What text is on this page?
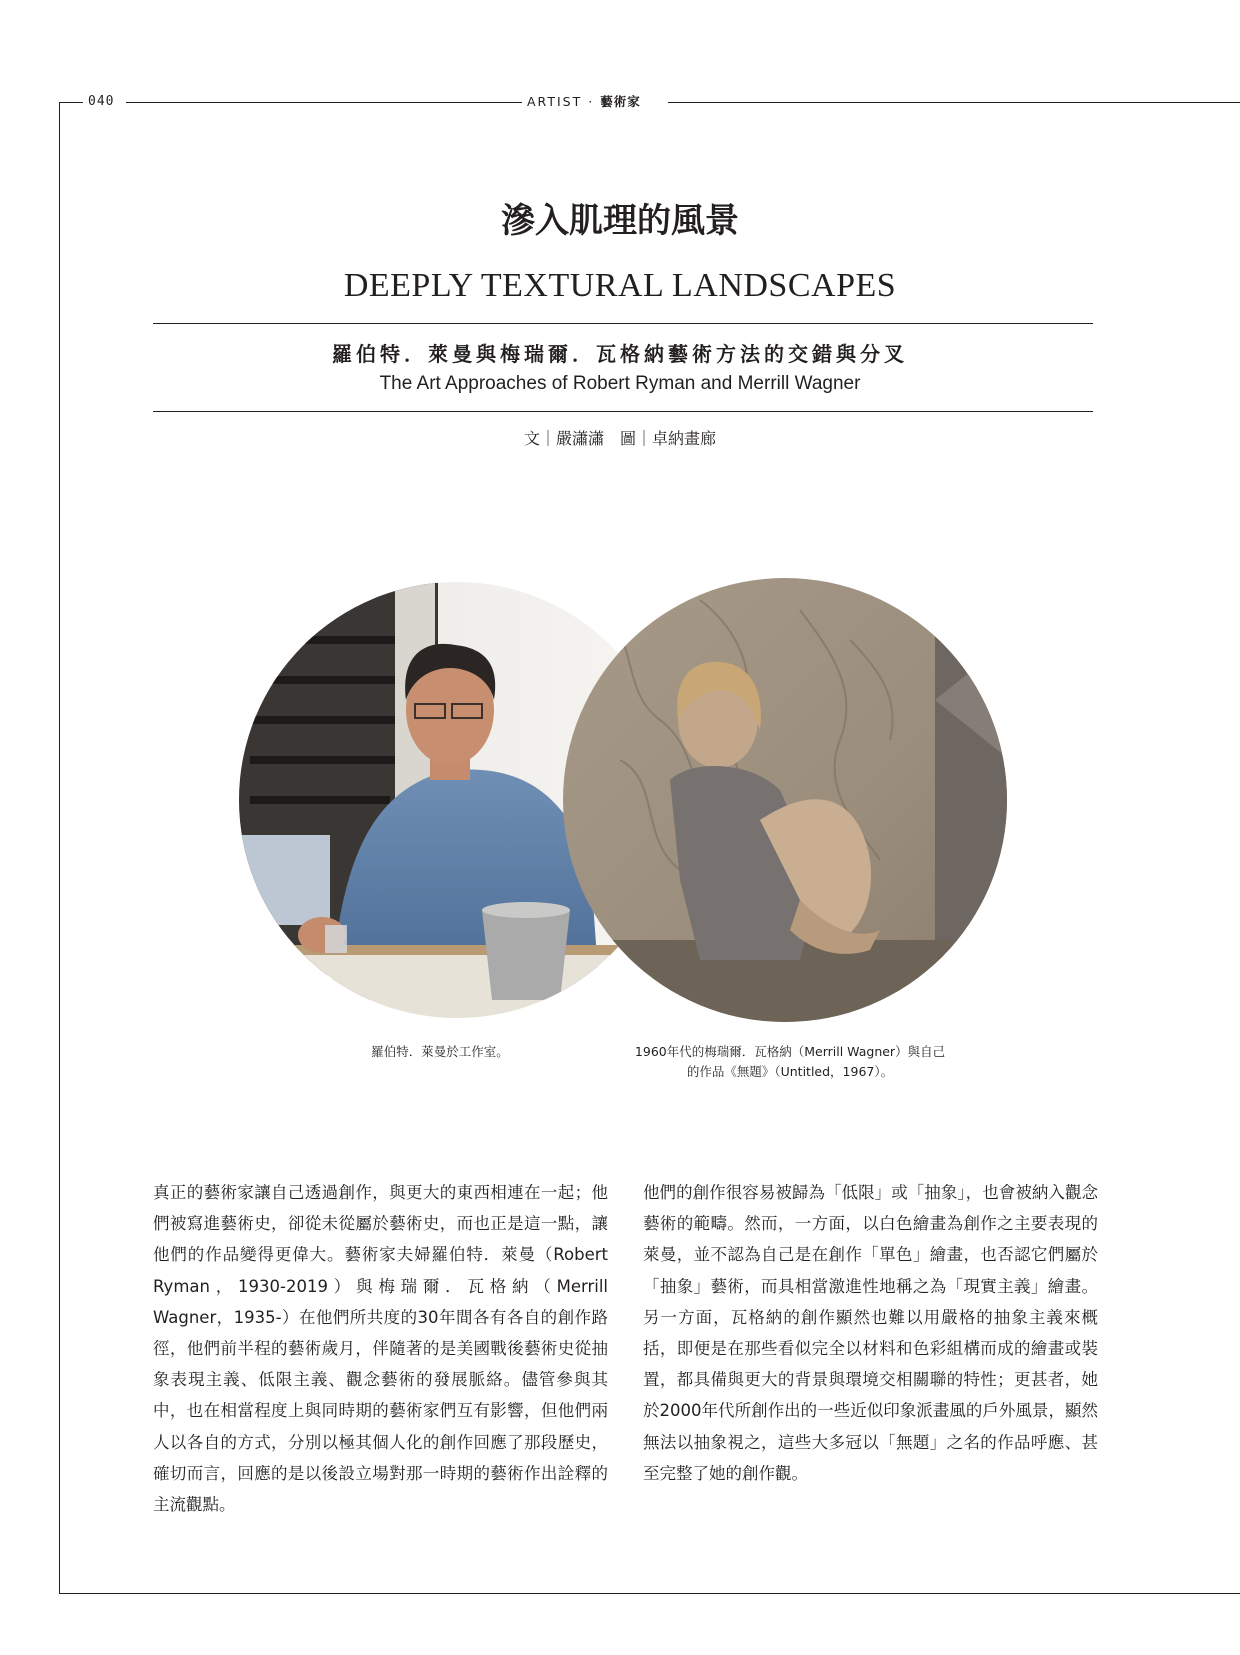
040	ARTIST · 藝術家
滲入肌理的風景
DEEPLY TEXTURAL LANDSCAPES
羅伯特．萊曼與梅瑞爾．瓦格納藝術方法的交錯與分叉
The Art Approaches of Robert Ryman and Merrill Wagner
文｜嚴瀟瀟　圖｜卓納畫廊
羅伯特．萊曼於工作室。	1960年代的梅瑞爾．瓦格納（Merrill Wagner）與自己
的作品《無題》（Untitled，1967）。
真正的藝術家讓自己透過創作，與更大的東西相連在一起；他們被寫進藝術史，卻從未從屬於藝術史，而也正是這一點，讓他們的作品變得更偉大。藝術家夫婦羅伯特．萊曼（Robert Ryman，1930-2019）與梅瑞爾．瓦格納（Merrill Wagner，1935-）在他們所共度的30年間各有各自的創作路徑，他們前半程的藝術歲月，伴隨著的是美國戰後藝術史從抽象表現主義、低限主義、觀念藝術的發展脈絡。儘管參與其中，也在相當程度上與同時期的藝術家們互有影響，但他們兩人以各自的方式，分別以極其個人化的創作回應了那段歷史，確切而言，回應的是以後設立場對那一時期的藝術作出詮釋的主流觀點。
他們的創作很容易被歸為「低限」或「抽象」，也會被納入觀念藝術的範疇。然而，一方面，以白色繪畫為創作之主要表現的萊曼，並不認為自己是在創作「單色」繪畫，也否認它們屬於「抽象」藝術，而具相當激進性地稱之為「現實主義」繪畫。另一方面，瓦格納的創作顯然也難以用嚴格的抽象主義來概括，即便是在那些看似完全以材料和色彩組構而成的繪畫或裝置，都具備與更大的背景與環境交相關聯的特性；更甚者，她於2000年代所創作出的一些近似印象派畫風的戶外風景，顯然無法以抽象視之，這些大多冠以「無題」之名的作品呼應、甚至完整了她的創作觀。
